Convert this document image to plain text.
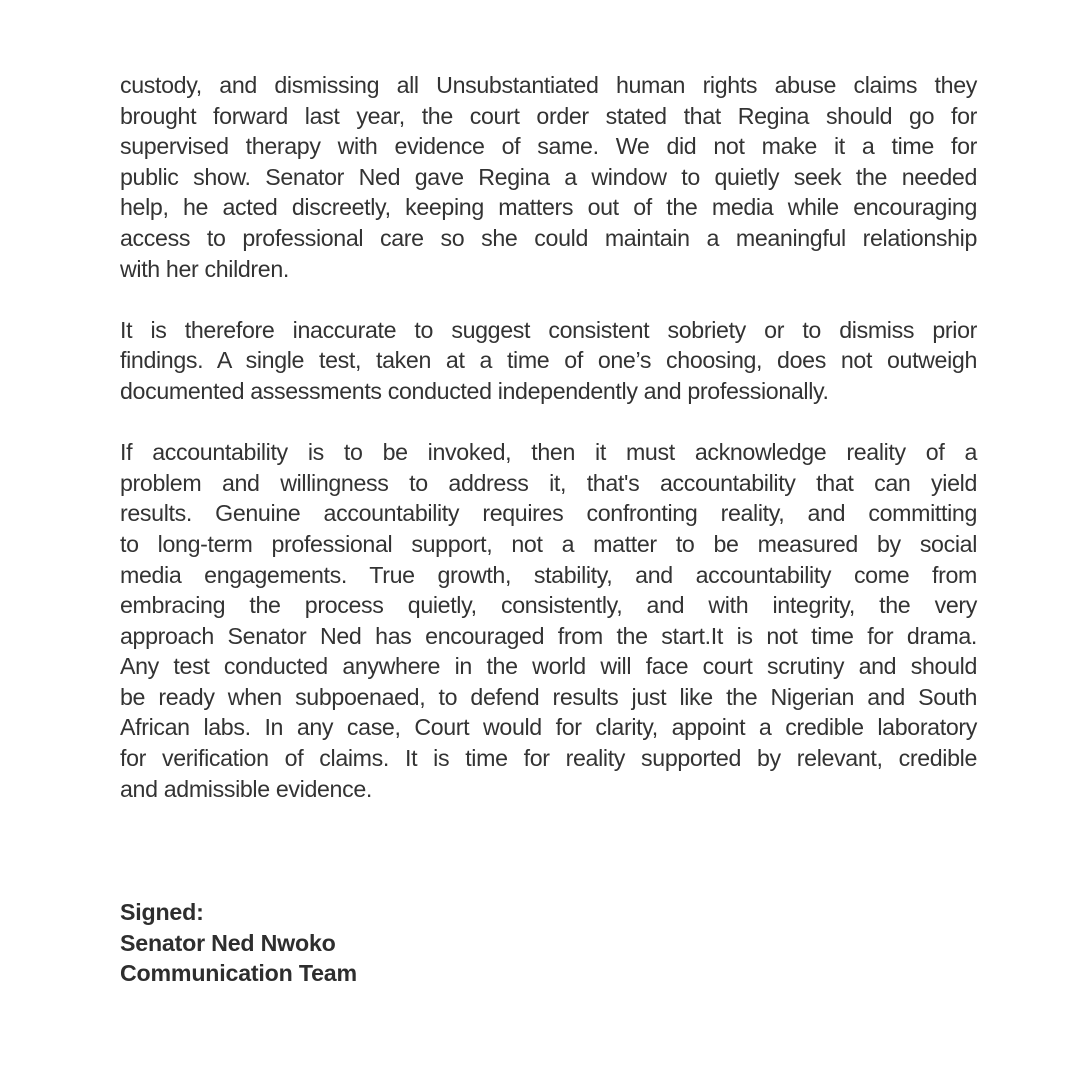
custody, and dismissing all Unsubstantiated human rights abuse claims they
brought forward last year, the court order stated that Regina should go for
supervised therapy with evidence of same. We did not make it a time for
public show. Senator Ned gave Regina a window to quietly seek the needed
help, he acted discreetly, keeping matters out of the media while encouraging
access to professional care so she could maintain a meaningful relationship
with her children.

It is therefore inaccurate to suggest consistent sobriety or to dismiss prior
findings. A single test, taken at a time of one’s choosing, does not outweigh
documented assessments conducted independently and professionally.

If accountability is to be invoked, then it must acknowledge reality of a
problem and willingness to address it, that's accountability that can yield
results. Genuine accountability requires confronting reality, and committing
to long-term professional support, not a matter to be measured by social
media engagements. True growth, stability, and accountability come from
embracing the process quietly, consistently, and with integrity, the very
approach Senator Ned has encouraged from the start.It is not time for drama.
Any test conducted anywhere in the world will face court scrutiny and should
be ready when subpoenaed, to defend results just like the Nigerian and South
African labs. In any case, Court would for clarity, appoint a credible laboratory
for verification of claims. It is time for reality supported by relevant, credible
and admissible evidence.

Signed:
Senator Ned Nwoko
Communication Team
